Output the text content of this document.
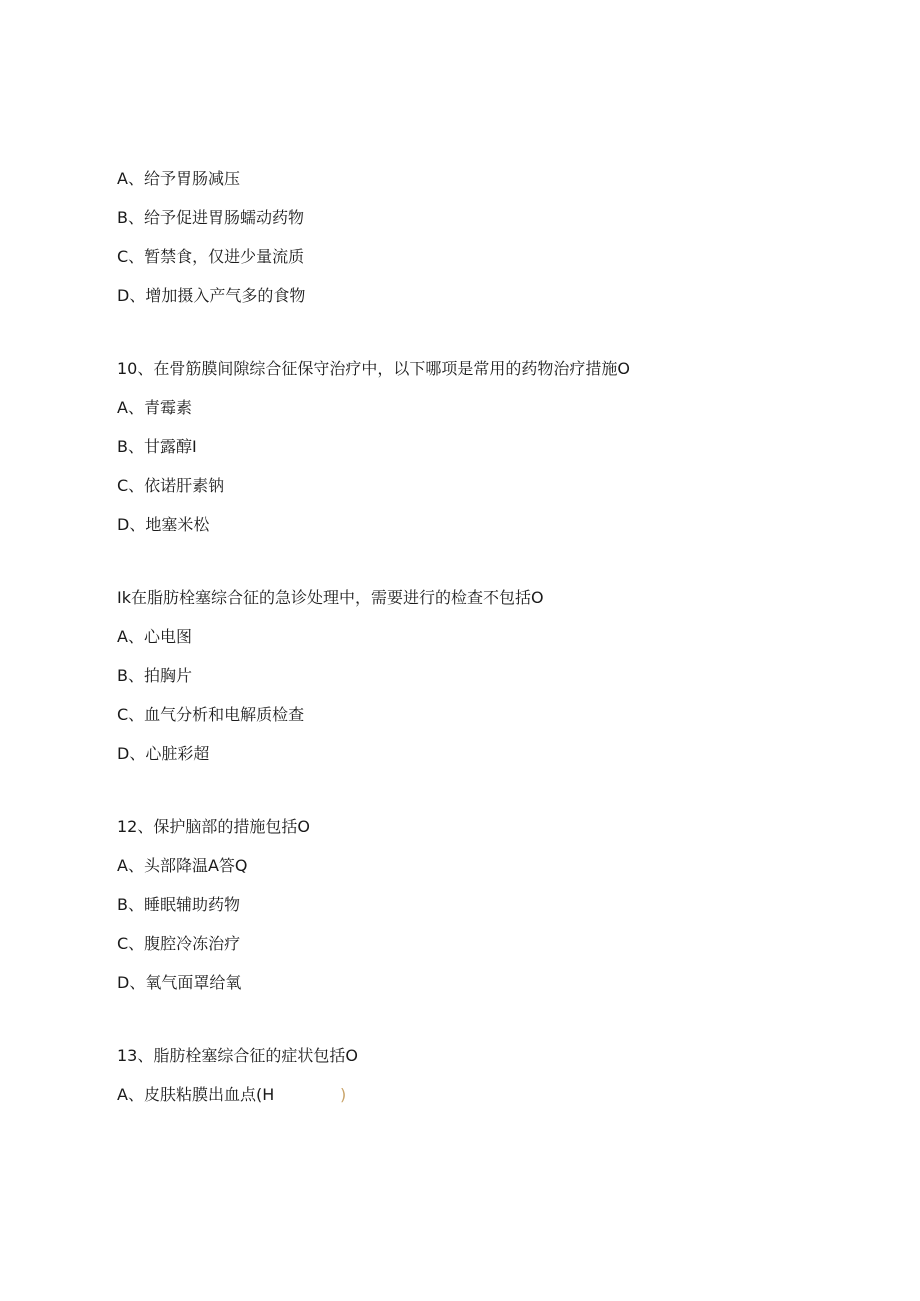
A、给予胃肠减压
B、给予促进胃肠蠕动药物
C、暂禁食，仅进少量流质
D、增加摄入产气多的食物
10、在骨筋膜间隙综合征保守治疗中，以下哪项是常用的药物治疗措施O
A、青霉素
B、甘露醇I
C、依诺肝素钠
D、地塞米松
Ik在脂肪栓塞综合征的急诊处理中，需要进行的检查不包括O
A、心电图
B、拍胸片
C、血气分析和电解质检查
D、心脏彩超
12、保护脑部的措施包括O
A、头部降温A答Q
B、睡眠辅助药物
C、腹腔冷冻治疗
D、氧气面罩给氧
13、脂肪栓塞综合征的症状包括O
A、皮肤粘膜出血点(H	)
